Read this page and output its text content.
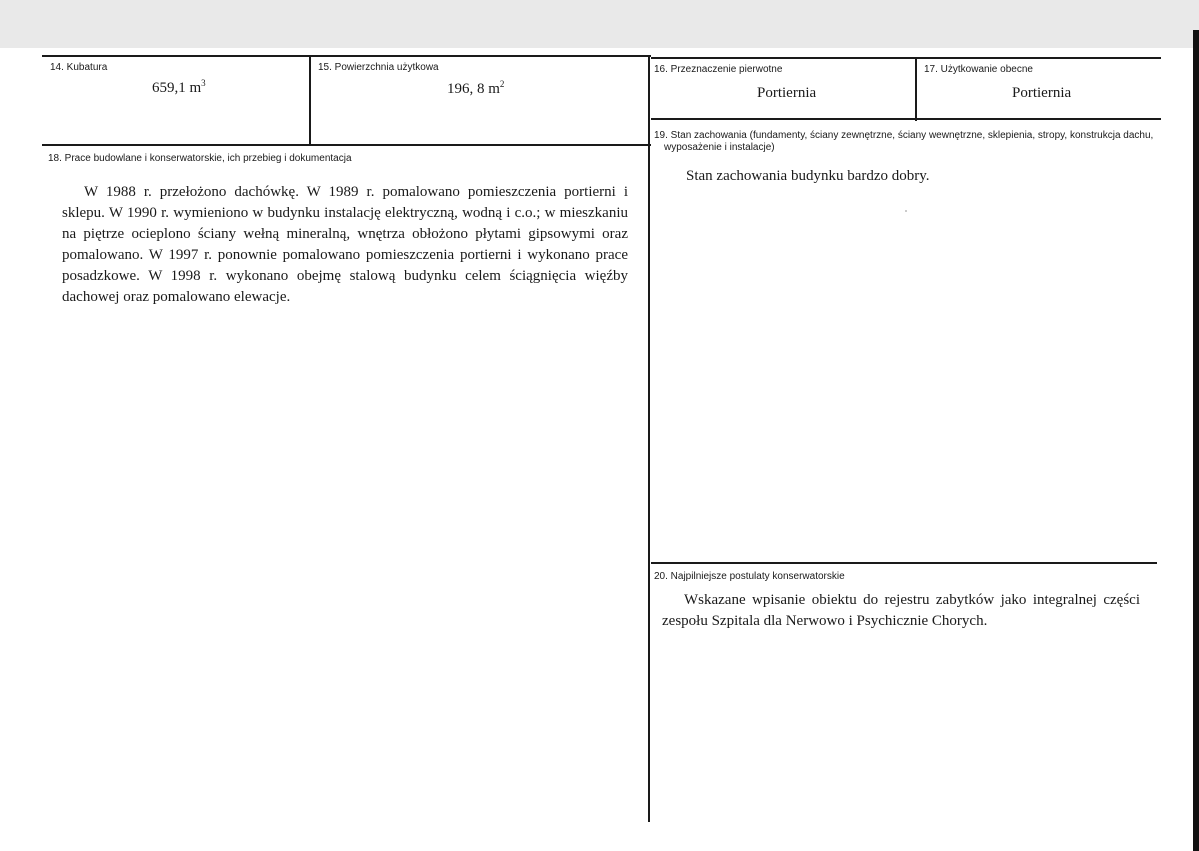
14. Kubatura
659,1 $m^3$
15. Powierzchnia użytkowa
196, 8 $m^2$
16. Przeznaczenie pierwotne
Portiernia
17. Użytkowanie obecne
Portiernia
18. Prace budowlane i konserwatorskie, ich przebieg i dokumentacja
W 1988 r. przełożono dachówkę. W 1989 r. pomalowano pomieszczenia portierni i sklepu. W 1990 r. wymieniono w budynku instalację elektryczną, wodną i c.o.; w mieszkaniu na piętrze ocieplono ściany wełną mineralną, wnętrza obłożono płytami gipsowymi oraz pomalowano. W 1997 r. ponownie pomalowano pomieszczenia portierni i wykonano prace posadzkowe. W 1998 r. wykonano obejmę stalową budynku celem ściągnięcia więźby dachowej oraz pomalowano elewacje.
19. Stan zachowania (fundamenty, ściany zewnętrzne, ściany wewnętrzne, sklepienia, stropy, konstrukcja dachu, wyposażenie i instalacje)
Stan zachowania budynku bardzo dobry.
20. Najpilniejsze postulaty konserwatorskie
Wskazane wpisanie obiektu do rejestru zabytków jako integralnej części zespołu Szpitala dla Nerwowo i Psychicznie Chorych.
